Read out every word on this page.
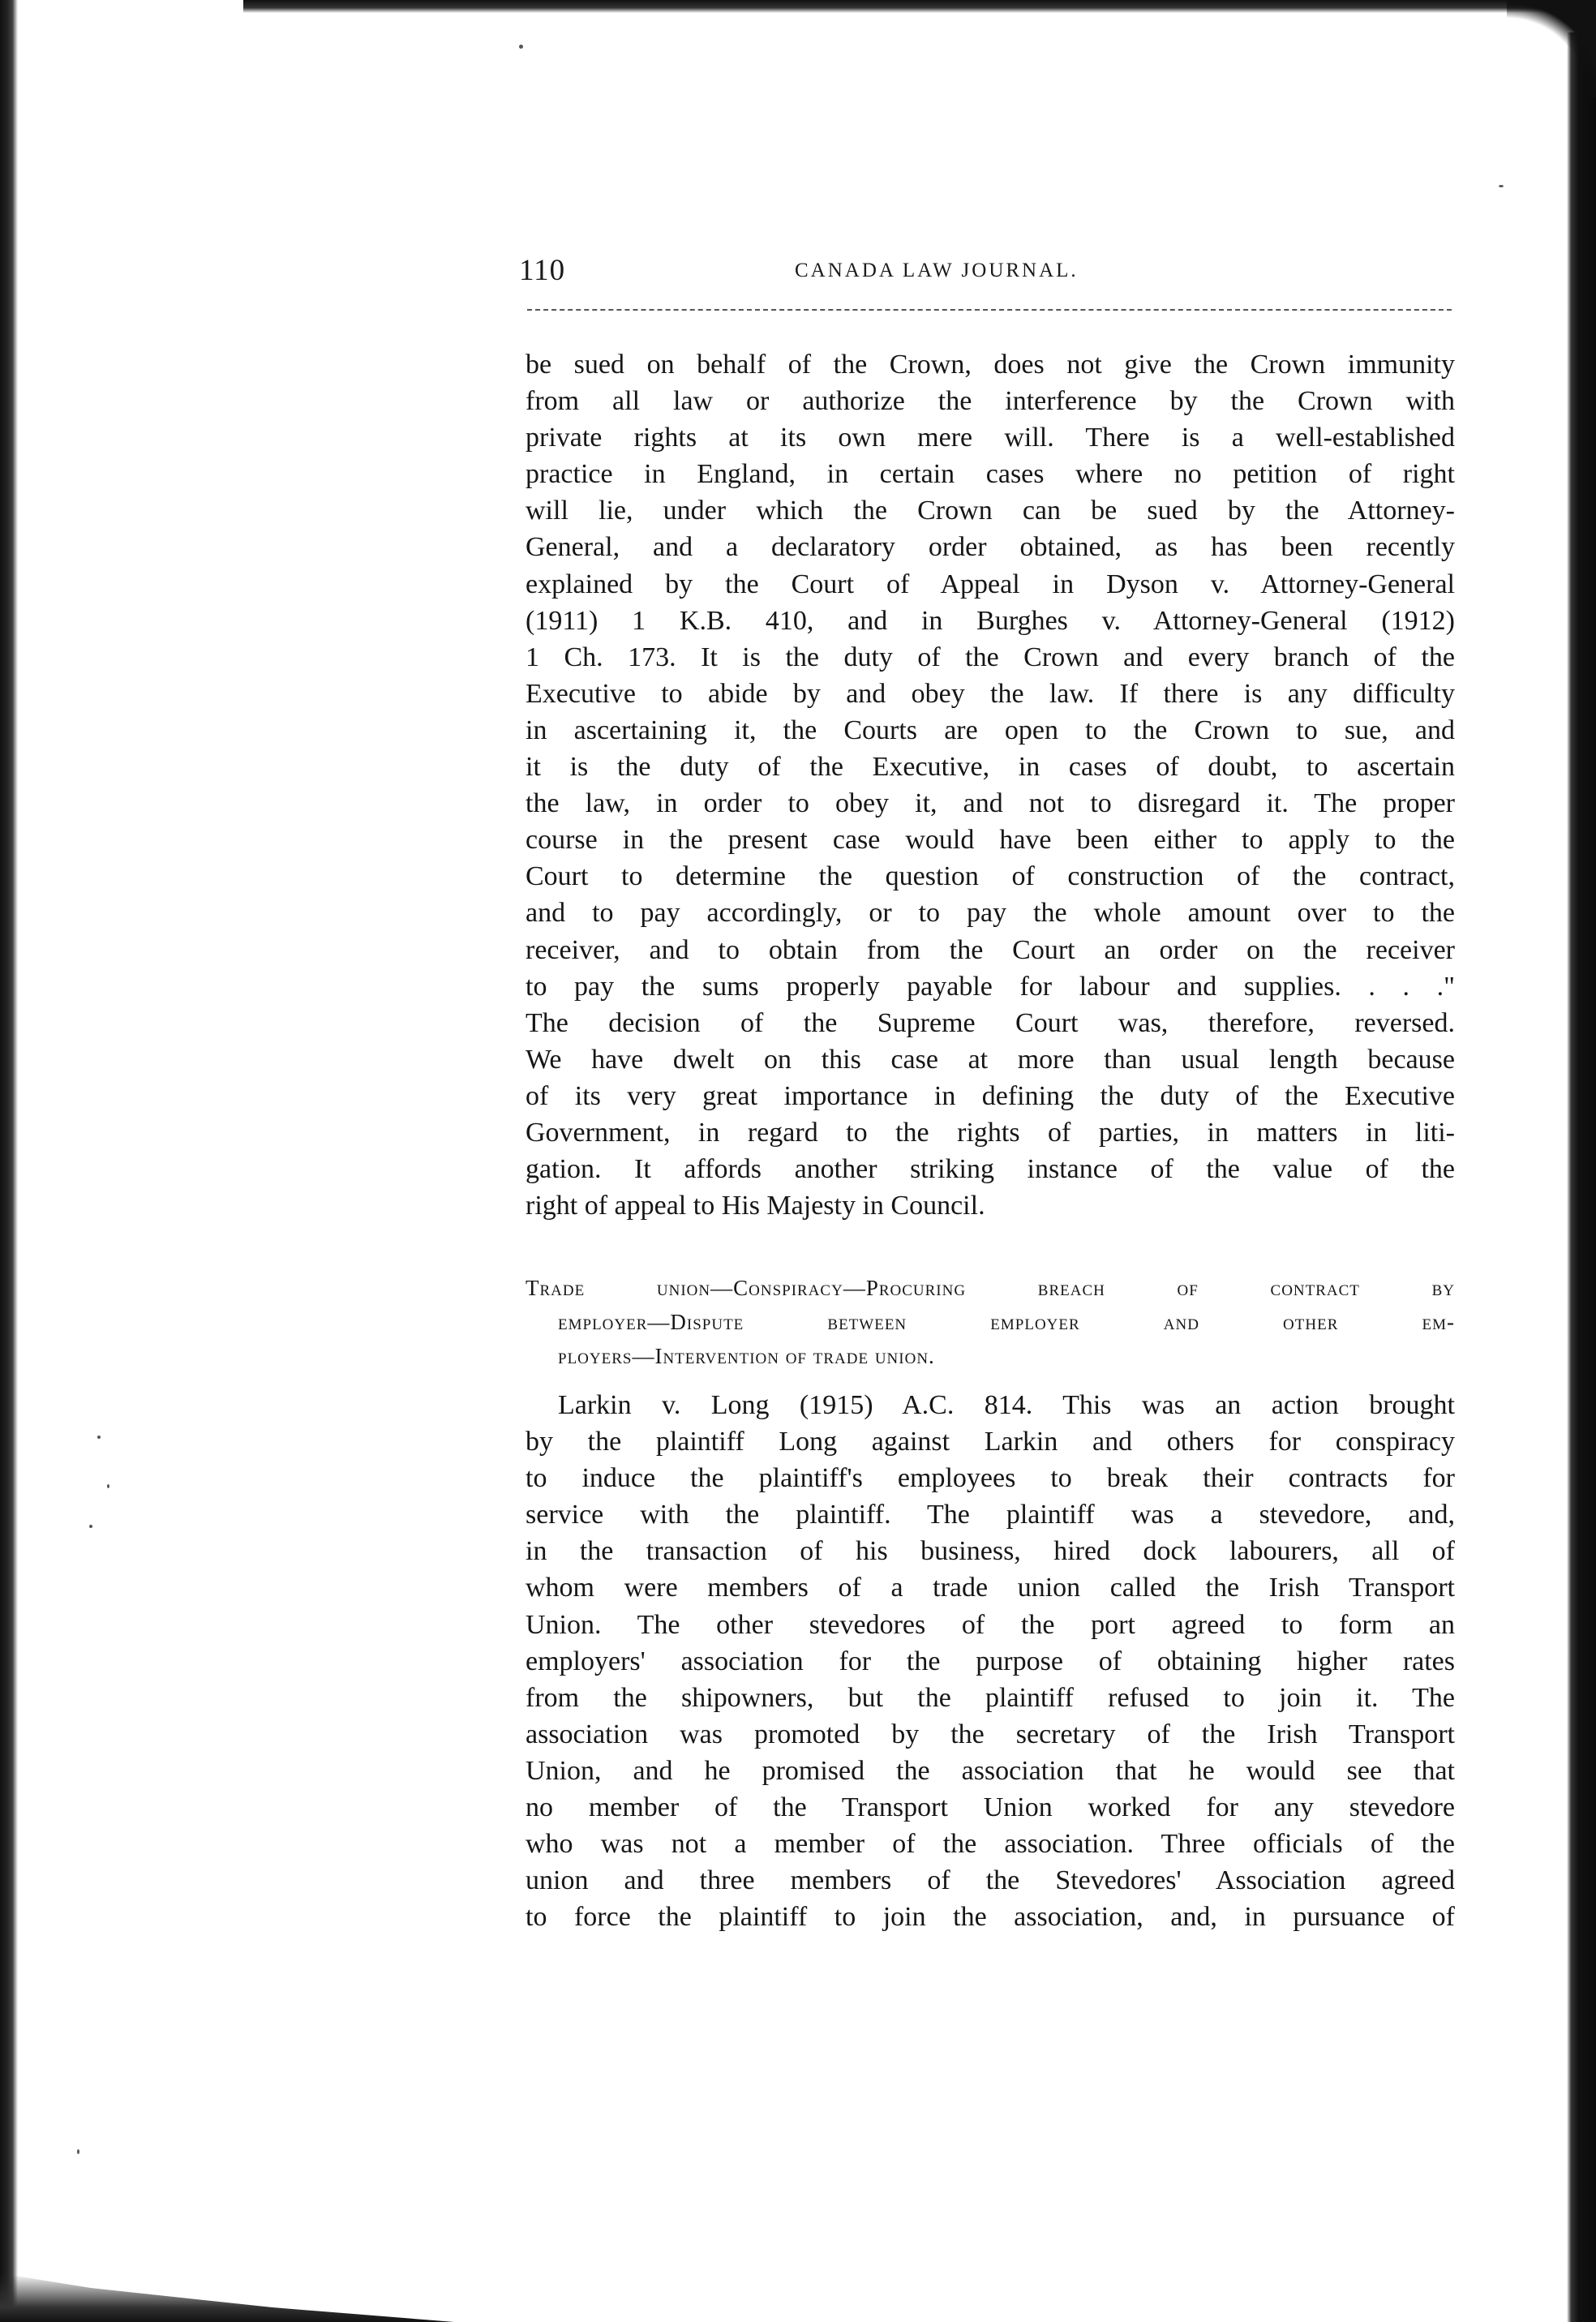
110	CANADA LAW JOURNAL.
be sued on behalf of the Crown, does not give the Crown immunity
from all law or authorize the interference by the Crown with
private rights at its own mere will. There is a well-established
practice in England, in certain cases where no petition of right
will lie, under which the Crown can be sued by the Attorney-
General, and a declaratory order obtained, as has been recently
explained by the Court of Appeal in Dyson v. Attorney-General
(1911) 1 K.B. 410, and in Burghes v. Attorney-General (1912)
1 Ch. 173. It is the duty of the Crown and every branch of the
Executive to abide by and obey the law. If there is any difficulty
in ascertaining it, the Courts are open to the Crown to sue, and
it is the duty of the Executive, in cases of doubt, to ascertain
the law, in order to obey it, and not to disregard it. The proper
course in the present case would have been either to apply to the
Court to determine the question of construction of the contract,
and to pay accordingly, or to pay the whole amount over to the
receiver, and to obtain from the Court an order on the receiver
to pay the sums properly payable for labour and supplies. . . ."
The decision of the Supreme Court was, therefore, reversed.
We have dwelt on this case at more than usual length because
of its very great importance in defining the duty of the Executive
Government, in regard to the rights of parties, in matters in liti-
gation. It affords another striking instance of the value of the
right of appeal to His Majesty in Council.
Trade union—Conspiracy—Procuring breach of contract by
employer—Dispute between employer and other em-
ployers—Intervention of trade union.
Larkin v. Long (1915) A.C. 814. This was an action brought
by the plaintiff Long against Larkin and others for conspiracy
to induce the plaintiff's employees to break their contracts for
service with the plaintiff. The plaintiff was a stevedore, and,
in the transaction of his business, hired dock labourers, all of
whom were members of a trade union called the Irish Transport
Union. The other stevedores of the port agreed to form an
employers' association for the purpose of obtaining higher rates
from the shipowners, but the plaintiff refused to join it. The
association was promoted by the secretary of the Irish Transport
Union, and he promised the association that he would see that
no member of the Transport Union worked for any stevedore
who was not a member of the association. Three officials of the
union and three members of the Stevedores' Association agreed
to force the plaintiff to join the association, and, in pursuance of
